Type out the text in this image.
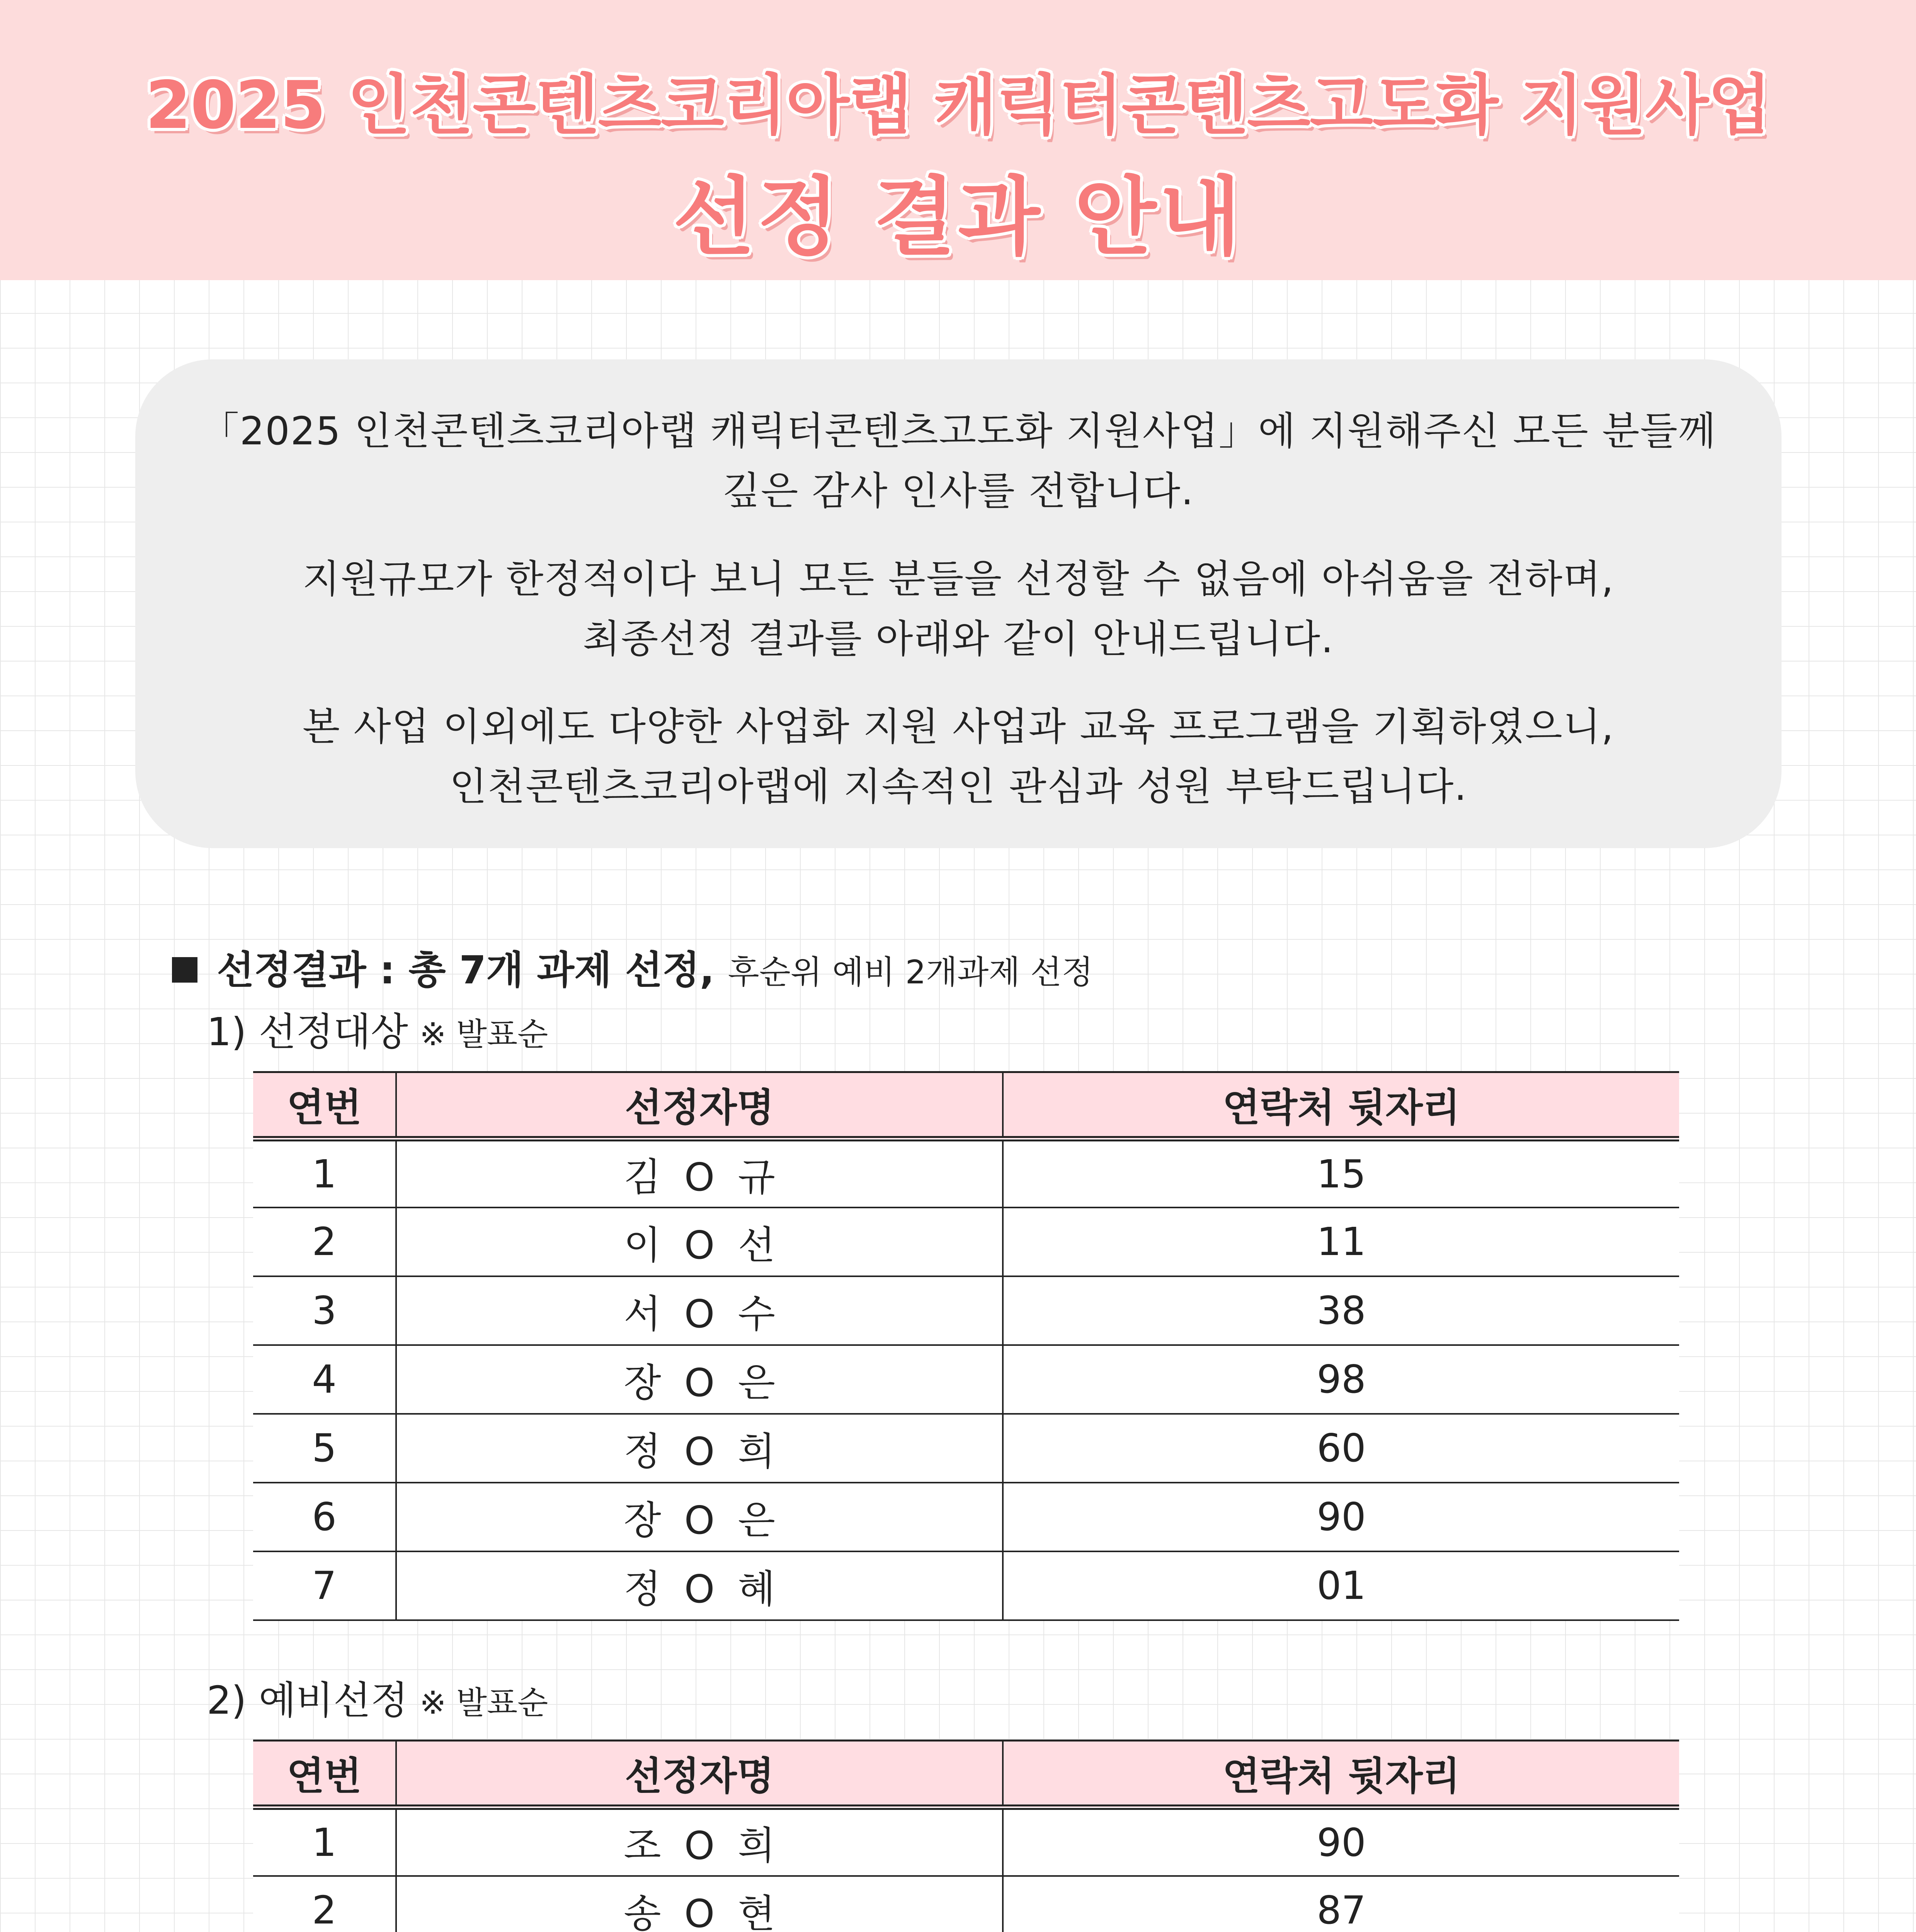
2025 인천콘텐츠코리아랩 캐릭터콘텐츠고도화 지원사업
선정 결과 안내
「2025 인천콘텐츠코리아랩 캐릭터콘텐츠고도화 지원사업」에 지원해주신 모든 분들께
깊은 감사 인사를 전합니다.
지원규모가 한정적이다 보니 모든 분들을 선정할 수 없음에 아쉬움을 전하며,
최종선정 결과를 아래와 같이 안내드립니다.
본 사업 이외에도 다양한 사업화 지원 사업과 교육 프로그램을 기획하였으니,
인천콘텐츠코리아랩에 지속적인 관심과 성원 부탁드립니다.
선정결과 : 총 7개 과제 선정, 후순위 예비 2개과제 선정
1) 선정대상 ※ 발표순
연번	선정자명	연락처 뒷자리
1	김O규	15
2	이O선	11
3	서O수	38
4	장O은	98
5	정O희	60
6	장O은	90
7	정O혜	01
2) 예비선정 ※ 발표순
연번	선정자명	연락처 뒷자리
1	조O희	90
2	송O현	87
